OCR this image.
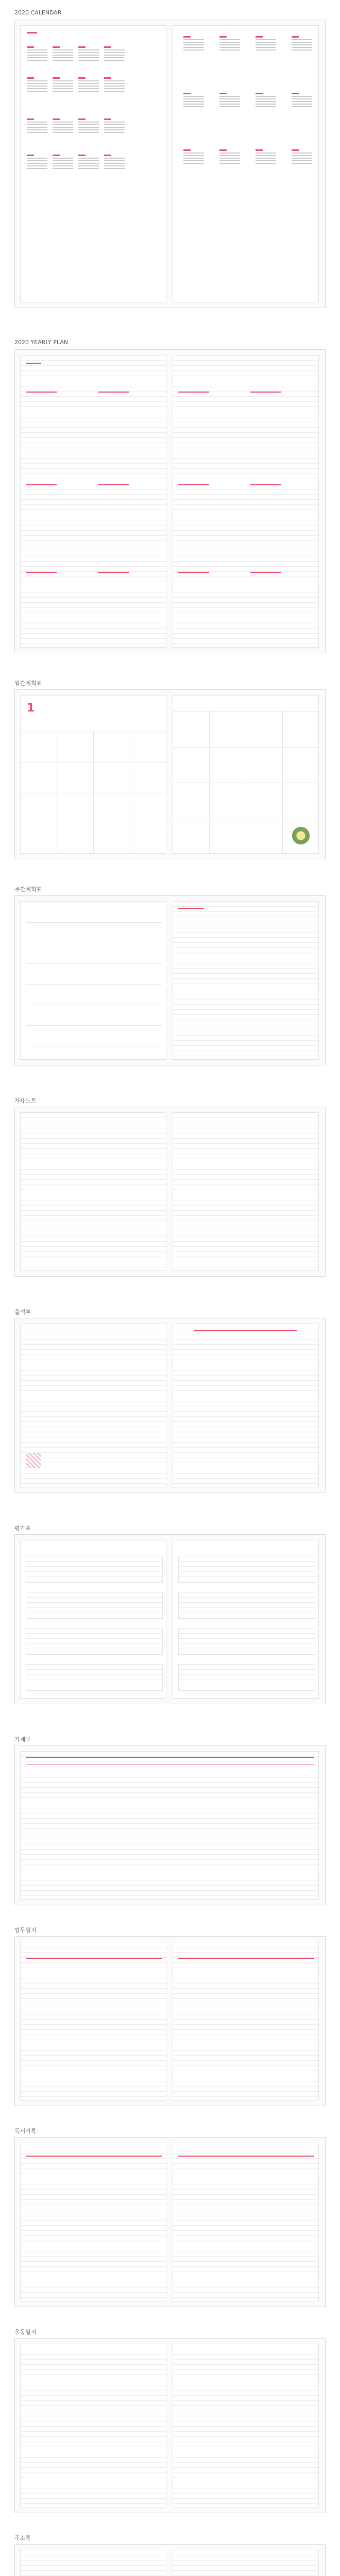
2020 CALENDAR
2020 YEARLY PLAN
월간계획표
1
주간계획표
자유노트
출석부
평가표
가계부
업무일지
독서기록
운동일지
주소록
